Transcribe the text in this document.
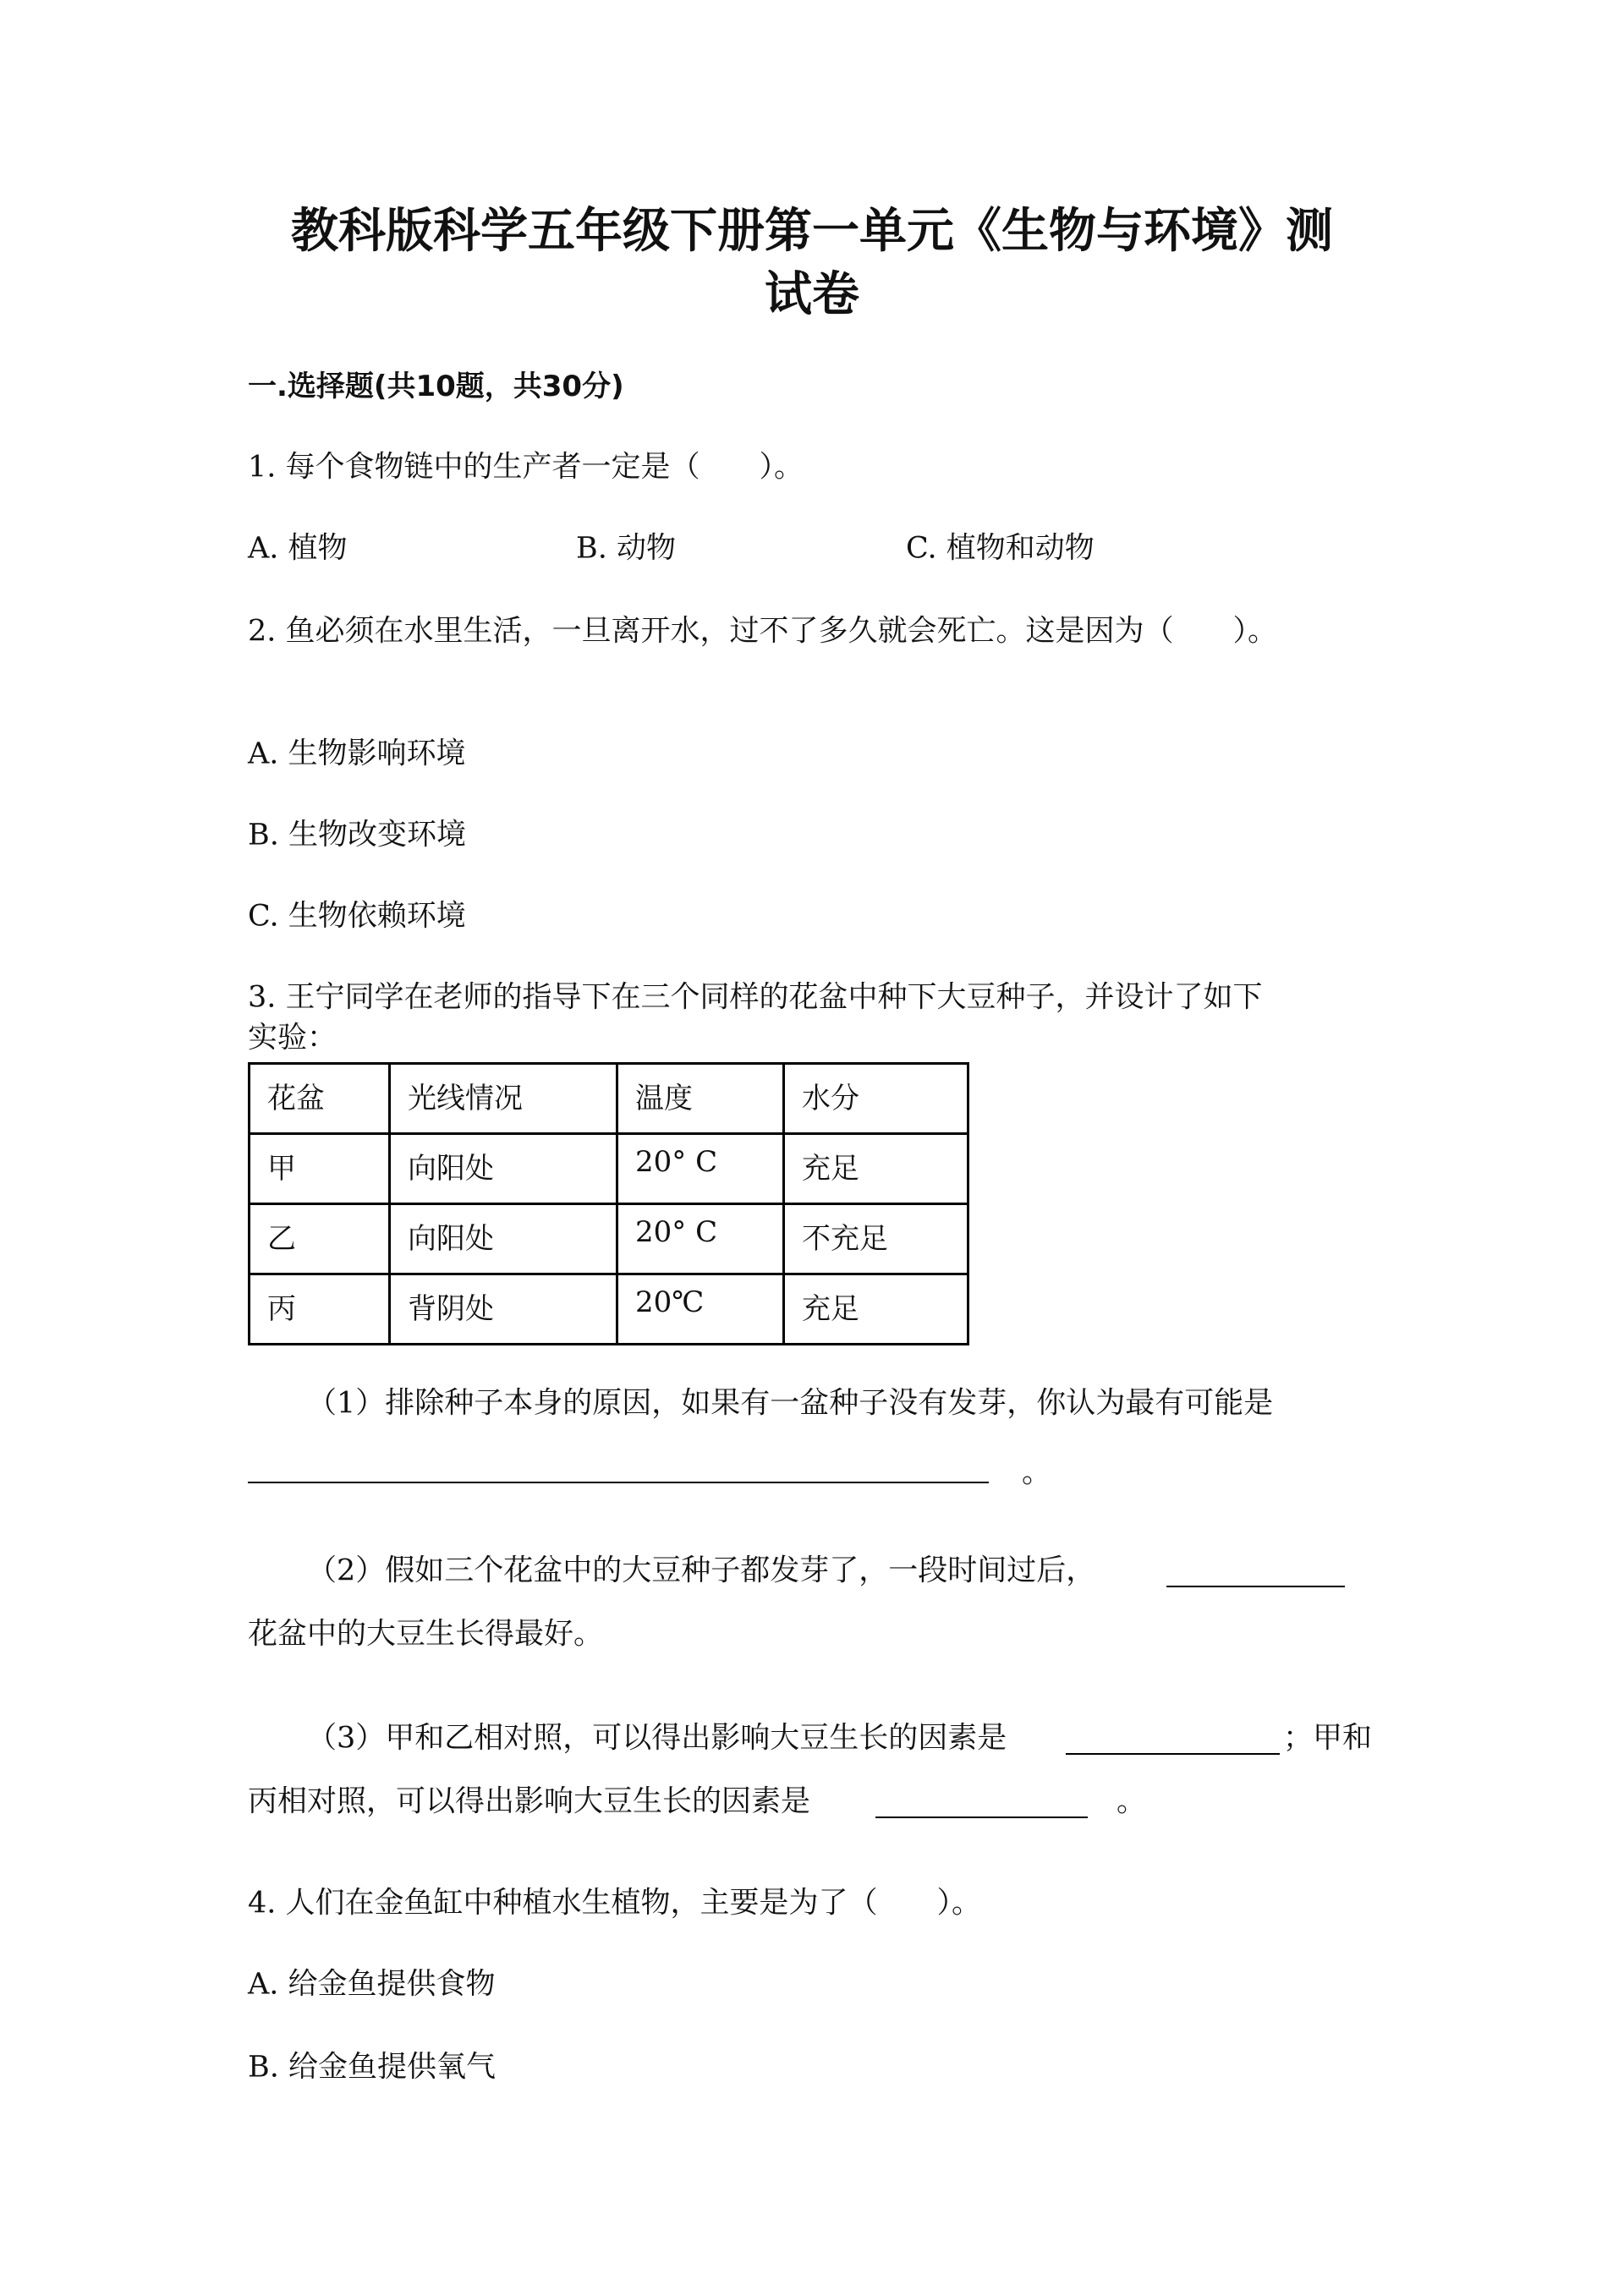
教科版科学五年级下册第一单元《生物与环境》测
试卷
一.选择题(共10题，共30分)
1. 每个食物链中的生产者一定是（　　）。
A. 植物	B. 动物	C. 植物和动物
2. 鱼必须在水里生活，一旦离开水，过不了多久就会死亡。这是因为（　　）。
A. 生物影响环境
B. 生物改变环境
C. 生物依赖环境
3. 王宁同学在老师的指导下在三个同样的花盆中种下大豆种子，并设计了如下
实验：
花盆	光线情况	温度	水分
甲	向阳处	20° C	充足
乙	向阳处	20° C	不充足
丙	背阴处	20℃	充足
（1）排除种子本身的原因，如果有一盆种子没有发芽，你认为最有可能是
。
（2）假如三个花盆中的大豆种子都发芽了，一段时间过后，
花盆中的大豆生长得最好。
（3）甲和乙相对照，可以得出影响大豆生长的因素是	；甲和
丙相对照，可以得出影响大豆生长的因素是	。
4. 人们在金鱼缸中种植水生植物，主要是为了（　　）。
A. 给金鱼提供食物
B. 给金鱼提供氧气
